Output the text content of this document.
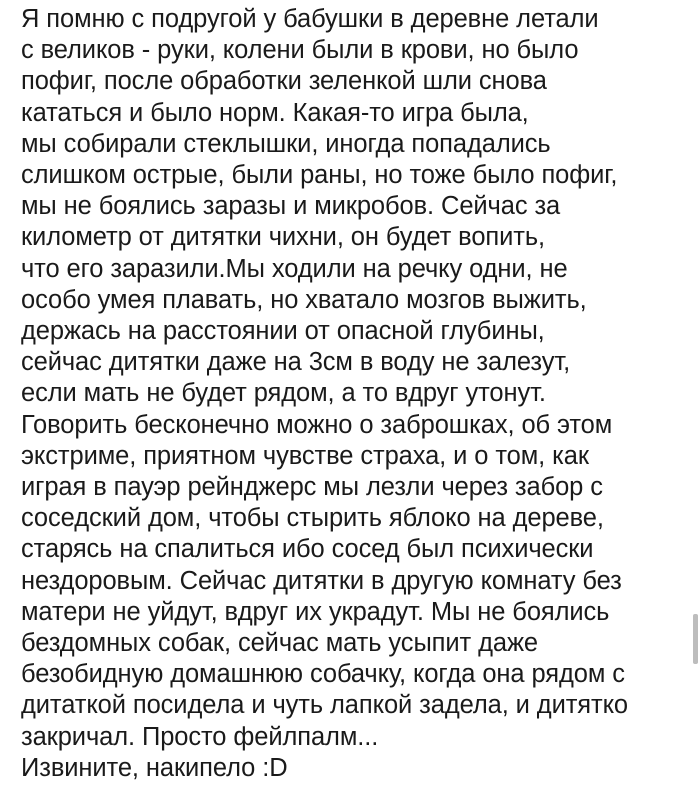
Я помню с подругой у бабушки в деревне летали
с великов - руки, колени были в крови, но было
пофиг, после обработки зеленкой шли снова
кататься и было норм. Какая-то игра была,
мы собирали стеклышки, иногда попадались
слишком острые, были раны, но тоже было пофиг,
мы не боялись заразы и микробов. Сейчас за
километр от дитятки чихни, он будет вопить,
что его заразили.Мы ходили на речку одни, не
особо умея плавать, но хватало мозгов выжить,
держась на расстоянии от опасной глубины,
сейчас дитятки даже на 3см в воду не залезут,
если мать не будет рядом, а то вдруг утонут.
Говорить бесконечно можно о заброшках, об этом
экстриме, приятном чувстве страха, и о том, как
играя в пауэр рейнджерс мы лезли через забор с
соседский дом, чтобы стырить яблоко на дереве,
старясь на спалиться ибо сосед был психически
нездоровым. Сейчас дитятки в другую комнату без
матери не уйдут, вдруг их украдут. Мы не боялись
бездомных собак, сейчас мать усыпит даже
безобидную домашнюю собачку, когда она рядом с
дитаткой посидела и чуть лапкой задела, и дитятко
закричал. Просто фейлпалм...
Извините, накипело :D
